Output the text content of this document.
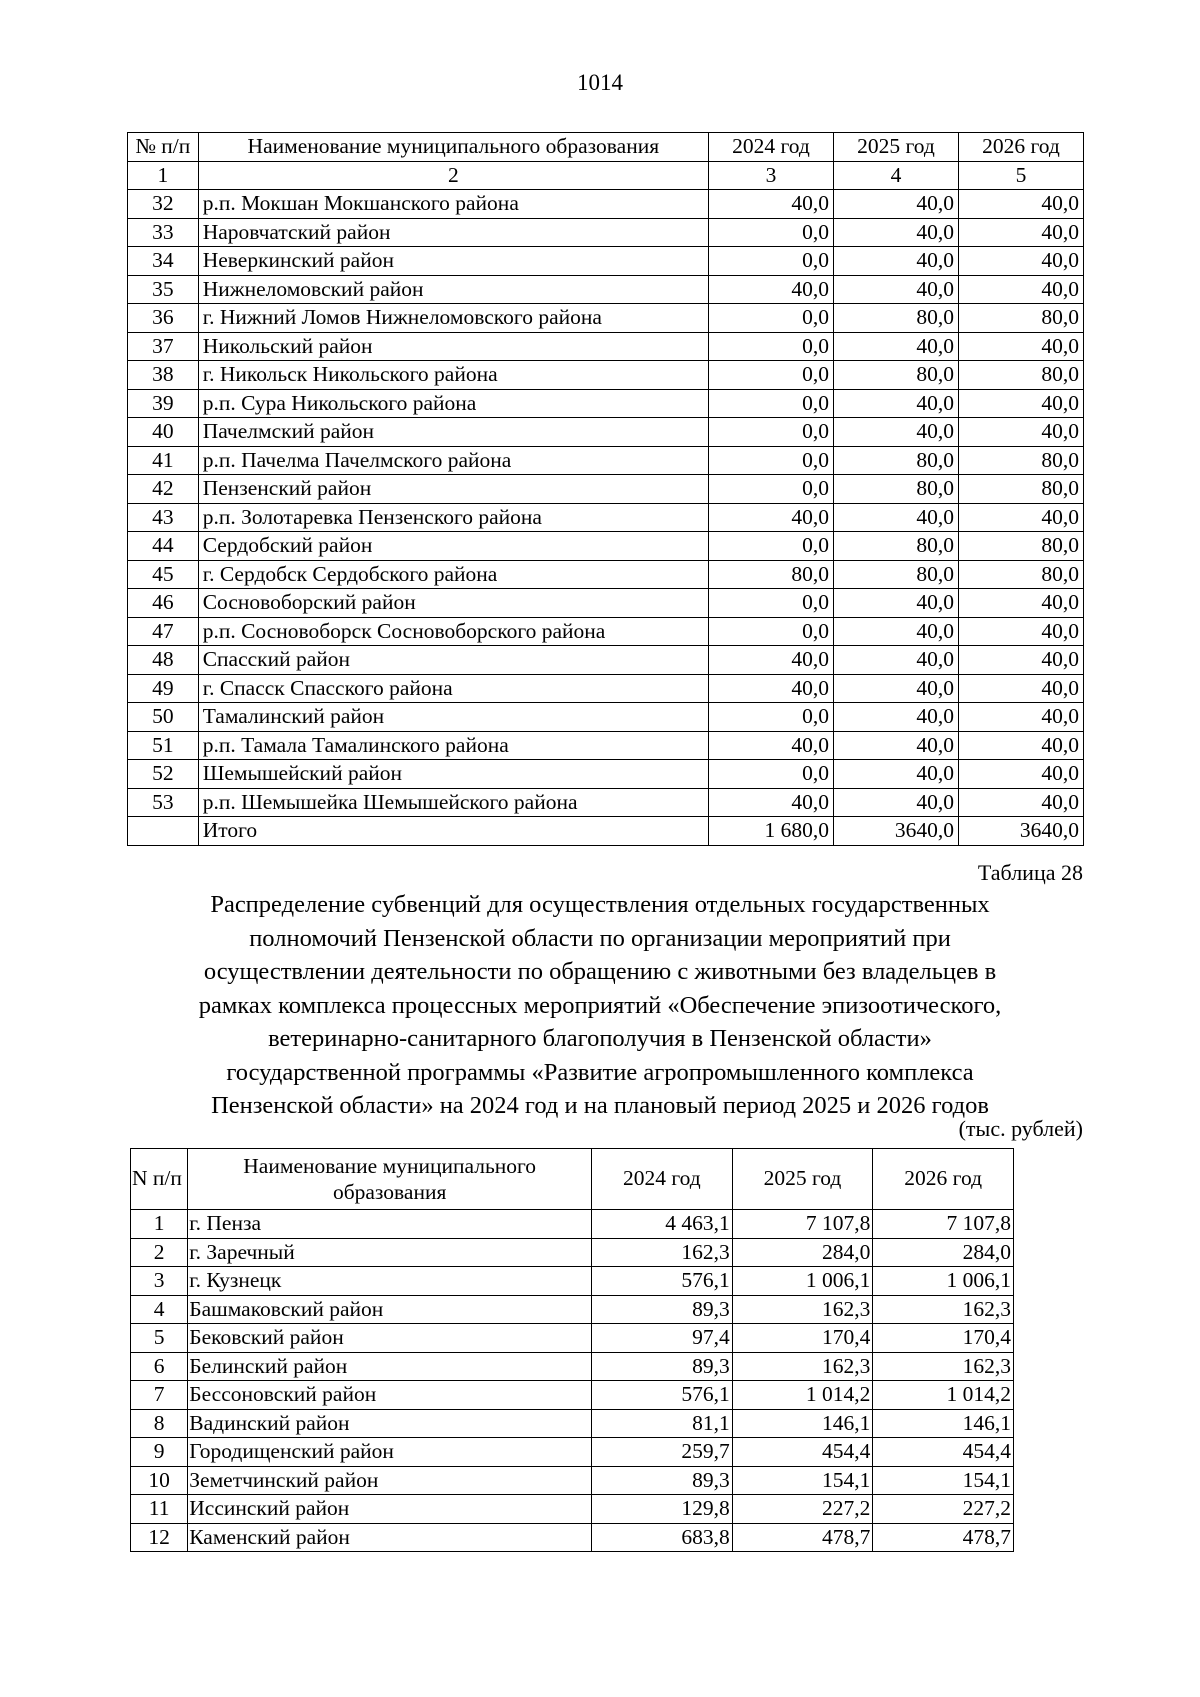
1014
№ п/п	Наименование муниципального образования	2024 год	2025 год	2026 год
1	2	3	4	5
32	р.п. Мокшан Мокшанского района	40,0	40,0	40,0
33	Наровчатский район	0,0	40,0	40,0
34	Неверкинский район	0,0	40,0	40,0
35	Нижнеломовский район	40,0	40,0	40,0
36	г. Нижний Ломов Нижнеломовского района	0,0	80,0	80,0
37	Никольский район	0,0	40,0	40,0
38	г. Никольск Никольского района	0,0	80,0	80,0
39	р.п. Сура Никольского района	0,0	40,0	40,0
40	Пачелмский район	0,0	40,0	40,0
41	р.п. Пачелма Пачелмского района	0,0	80,0	80,0
42	Пензенский район	0,0	80,0	80,0
43	р.п. Золотаревка Пензенского района	40,0	40,0	40,0
44	Сердобский район	0,0	80,0	80,0
45	г. Сердобск Сердобского района	80,0	80,0	80,0
46	Сосновоборский район	0,0	40,0	40,0
47	р.п. Сосновоборск Сосновоборского района	0,0	40,0	40,0
48	Спасский район	40,0	40,0	40,0
49	г. Спасск Спасского района	40,0	40,0	40,0
50	Тамалинский район	0,0	40,0	40,0
51	р.п. Тамала Тамалинского района	40,0	40,0	40,0
52	Шемышейский район	0,0	40,0	40,0
53	р.п. Шемышейка Шемышейского района	40,0	40,0	40,0
	Итого	1 680,0	3640,0	3640,0
Таблица 28
Распределение субвенций для осуществления отдельных государственных
полномочий Пензенской области по организации мероприятий при
осуществлении деятельности по обращению с животными без владельцев в
рамках комплекса процессных мероприятий «Обеспечение эпизоотического,
ветеринарно-санитарного благополучия в Пензенской области»
государственной программы «Развитие агропромышленного комплекса
Пензенской области» на 2024 год и на плановый период 2025 и 2026 годов
(тыс. рублей)
N п/п	Наименование муниципального образования	2024 год	2025 год	2026 год
1	г. Пенза	4 463,1	7 107,8	7 107,8
2	г. Заречный	162,3	284,0	284,0
3	г. Кузнецк	576,1	1 006,1	1 006,1
4	Башмаковский район	89,3	162,3	162,3
5	Бековский район	97,4	170,4	170,4
6	Белинский район	89,3	162,3	162,3
7	Бессоновский район	576,1	1 014,2	1 014,2
8	Вадинский район	81,1	146,1	146,1
9	Городищенский район	259,7	454,4	454,4
10	Земетчинский район	89,3	154,1	154,1
11	Иссинский район	129,8	227,2	227,2
12	Каменский район	683,8	478,7	478,7
